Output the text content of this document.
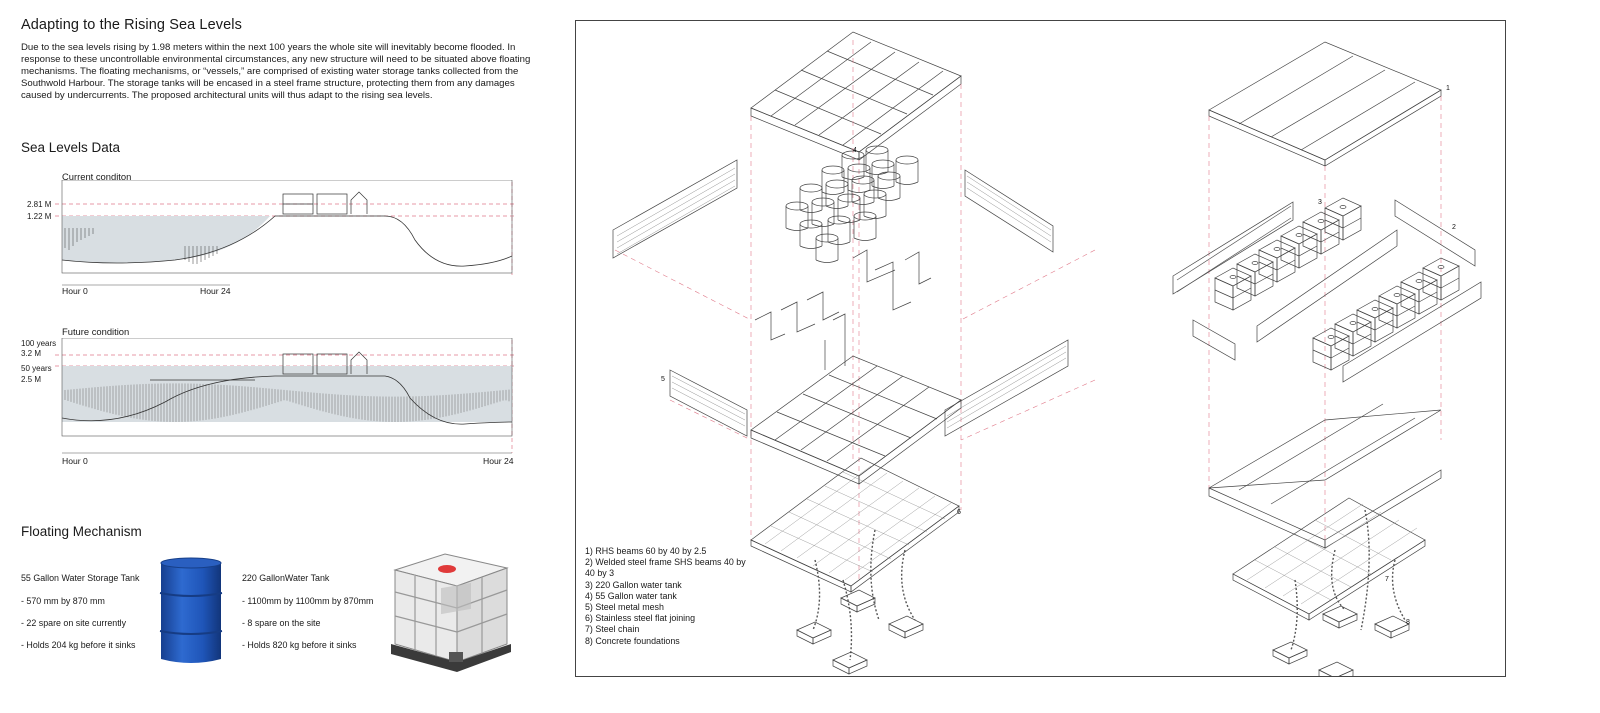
Adapting to the Rising Sea Levels

Due to the sea levels rising by 1.98 meters within the next 100 years the whole site will inevitably become flooded. In response to these uncontrollable environmental circumstances, any new structure will need to be situated above floating mechanisms. The floating mechanisms, or “vessels,” are comprised of existing water storage tanks collected from the Southwold Harbour. The storage tanks will be encased in a steel frame structure, protecting them from any damages caused by undercurrents. The proposed architectural units will thus adapt to the rising sea levels.

Sea Levels Data
Current conditon
2.81 M
1.22 M
Hour 0	Hour 24
Future condition
100 years
3.2 M
50 years
2.5 M
Hour 0	Hour 24
Floating Mechanism

55 Gallon Water Storage Tank

- 570 mm by 870 mm

- 22 spare on site currently

- Holds 204 kg before it sinks

220 GallonWater Tank

- 1100mm by 1100mm by 870mm

- 8 spare on the site

- Holds 820 kg before it sinks

1
2
3
4
5
6
7
8
1) RHS beams 60 by 40 by 2.5
2) Welded steel frame SHS beams 40 by 40 by 3
3) 220 Gallon water tank
4) 55 Gallon water tank
5) Steel metal mesh
6) Stainless steel flat joining
7) Steel chain
8) Concrete foundations
